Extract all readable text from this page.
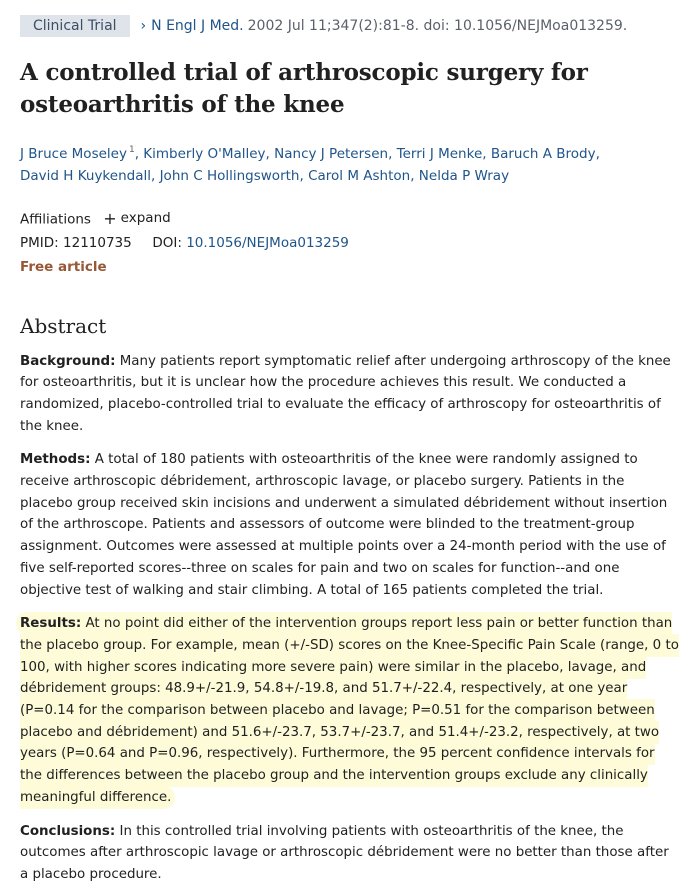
Clinical Trial	› N Engl J Med. 2002 Jul 11;347(2):81-8. doi: 10.1056/NEJMoa013259.
A controlled trial of arthroscopic surgery for osteoarthritis of the knee
J Bruce Moseley $^1$, Kimberly O'Malley, Nancy J Petersen, Terri J Menke, Baruch A Brody,
David H Kuykendall, John C Hollingsworth, Carol M Ashton, Nelda P Wray
Affiliations + expand
PMID: 12110735 DOI: 10.1056/NEJMoa013259
Free article
Abstract
Background: Many patients report symptomatic relief after undergoing arthroscopy of the knee for osteoarthritis, but it is unclear how the procedure achieves this result. We conducted a randomized, placebo-controlled trial to evaluate the efficacy of arthroscopy for osteoarthritis of the knee.
Methods: A total of 180 patients with osteoarthritis of the knee were randomly assigned to receive arthroscopic débridement, arthroscopic lavage, or placebo surgery. Patients in the placebo group received skin incisions and underwent a simulated débridement without insertion of the arthroscope. Patients and assessors of outcome were blinded to the treatment-group assignment. Outcomes were assessed at multiple points over a 24-month period with the use of five self-reported scores--three on scales for pain and two on scales for function--and one objective test of walking and stair climbing. A total of 165 patients completed the trial.
Results: At no point did either of the intervention groups report less pain or better function than the placebo group. For example, mean (+/-SD) scores on the Knee-Specific Pain Scale (range, 0 to 100, with higher scores indicating more severe pain) were similar in the placebo, lavage, and débridement groups: 48.9+/-21.9, 54.8+/-19.8, and 51.7+/-22.4, respectively, at one year (P=0.14 for the comparison between placebo and lavage; P=0.51 for the comparison between placebo and débridement) and 51.6+/-23.7, 53.7+/-23.7, and 51.4+/-23.2, respectively, at two years (P=0.64 and P=0.96, respectively). Furthermore, the 95 percent confidence intervals for the differences between the placebo group and the intervention groups exclude any clinically meaningful difference.
Conclusions: In this controlled trial involving patients with osteoarthritis of the knee, the outcomes after arthroscopic lavage or arthroscopic débridement were no better than those after a placebo procedure.
